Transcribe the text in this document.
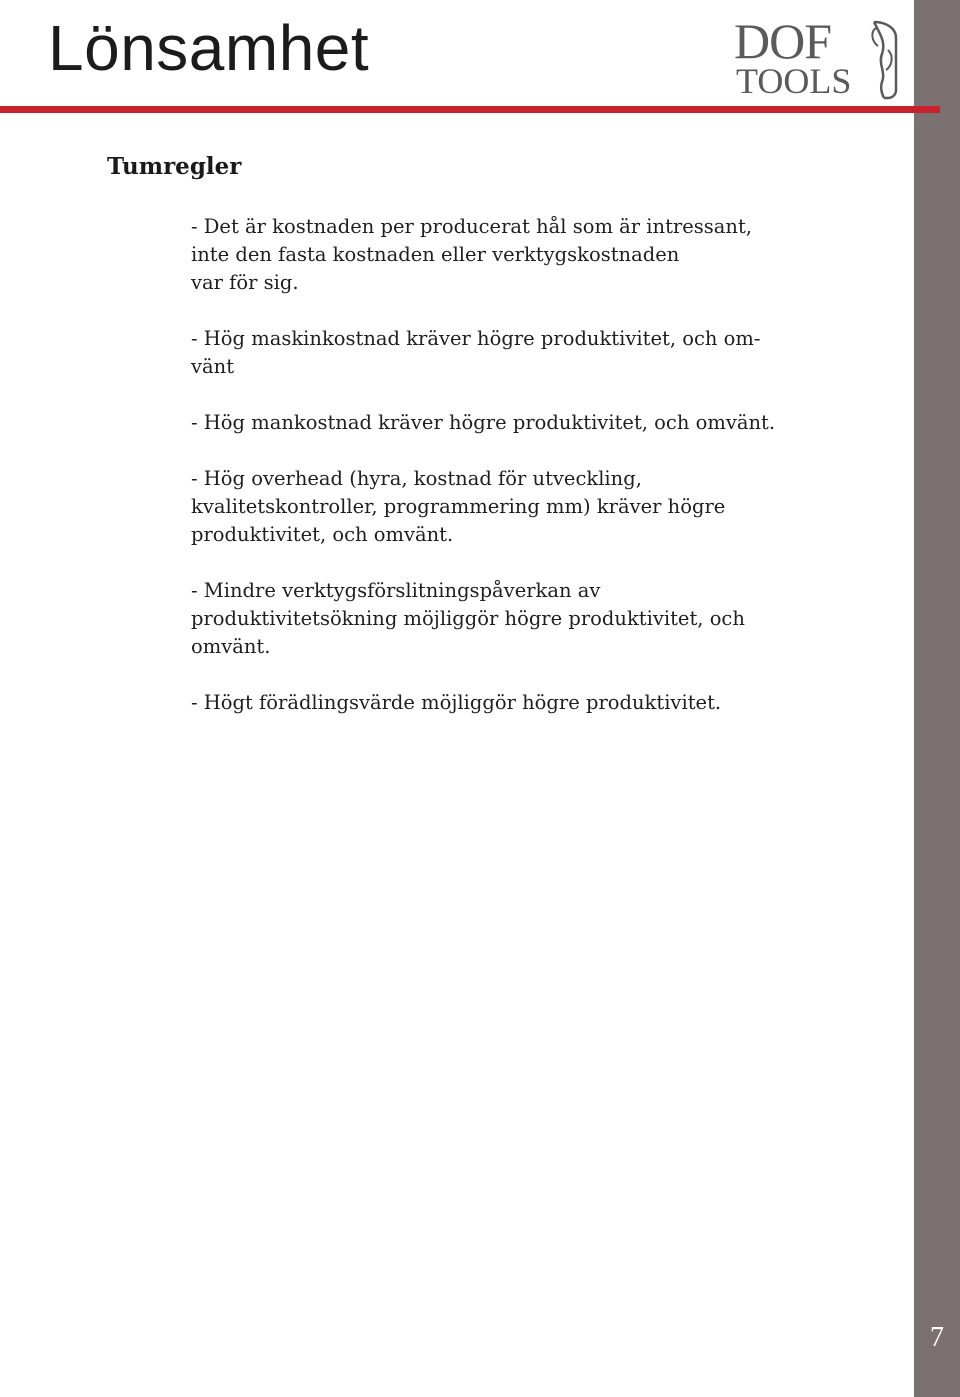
7
Lönsamhet	DOF
TOOLS
Tumregler
- Det är kostnaden per producerat hål som är intressant,
inte den fasta kostnaden eller verktygskostnaden
var för sig.
- Hög maskinkostnad kräver högre produktivitet, och om-
vänt
- Hög mankostnad kräver högre produktivitet, och omvänt.
- Hög overhead (hyra, kostnad för utveckling,
kvalitetskontroller, programmering mm) kräver högre
produktivitet, och omvänt.
- Mindre verktygsförslitningspåverkan av
produktivitetsökning möjliggör högre produktivitet, och
omvänt.
- Högt förädlingsvärde möjliggör högre produktivitet.
